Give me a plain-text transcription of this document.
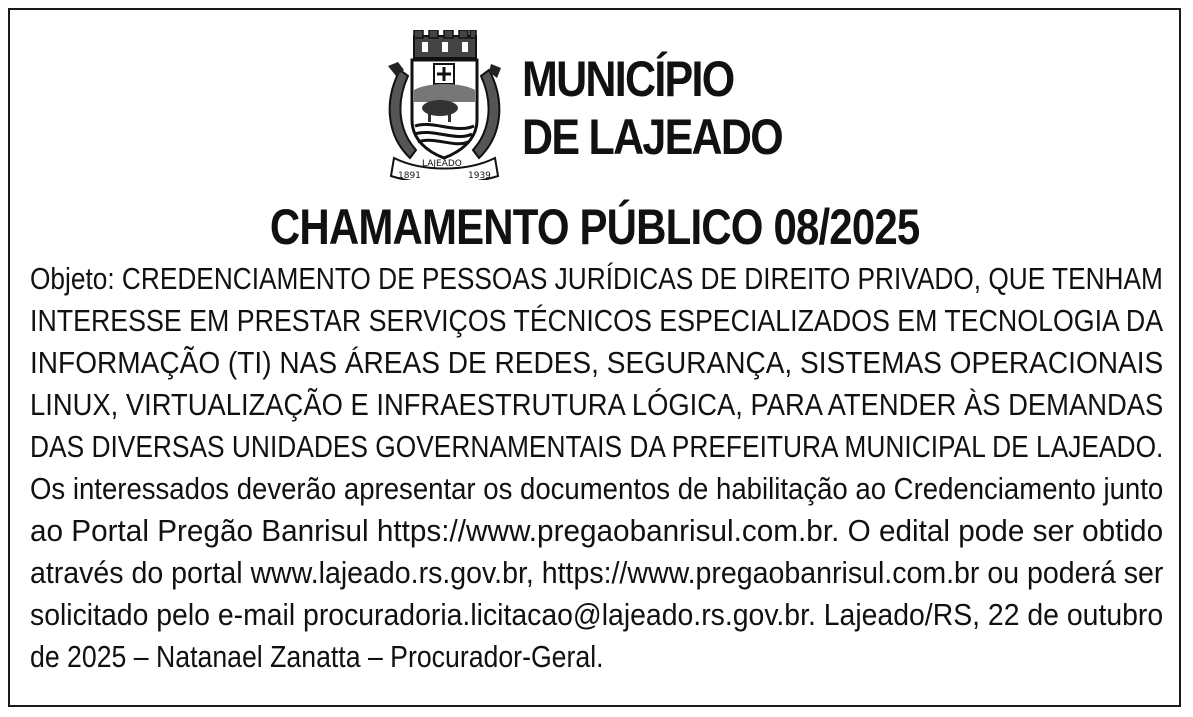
LAJEADO
1891	1939
MUNICÍPIO
DE LAJEADO
CHAMAMENTO PÚBLICO 08/2025
Objeto: CREDENCIAMENTO DE PESSOAS JURÍDICAS DE DIREITO PRIVADO, QUE TENHAM
INTERESSE EM PRESTAR SERVIÇOS TÉCNICOS ESPECIALIZADOS EM TECNOLOGIA DA
INFORMAÇÃO (TI) NAS ÁREAS DE REDES, SEGURANÇA, SISTEMAS OPERACIONAIS
LINUX, VIRTUALIZAÇÃO E INFRAESTRUTURA LÓGICA, PARA ATENDER ÀS DEMANDAS
DAS DIVERSAS UNIDADES GOVERNAMENTAIS DA PREFEITURA MUNICIPAL DE LAJEADO.
Os interessados deverão apresentar os documentos de habilitação ao Credenciamento junto
ao Portal Pregão Banrisul https://www.pregaobanrisul.com.br. O edital pode ser obtido
através do portal www.lajeado.rs.gov.br, https://www.pregaobanrisul.com.br ou poderá ser
solicitado pelo e-mail procuradoria.licitacao@lajeado.rs.gov.br. Lajeado/RS, 22 de outubro
de 2025 – Natanael Zanatta – Procurador-Geral.
